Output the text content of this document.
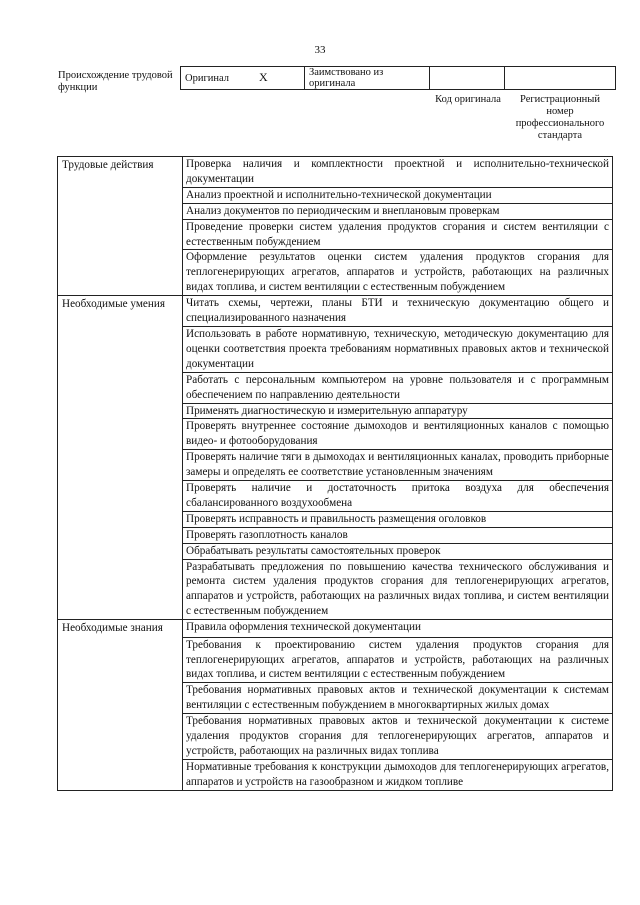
33
Происхождение трудовой функции
Оригинал	X	Заимствовано из оригинала		
Код оригинала	Регистрационный номер профессионального стандарта
Трудовые действия	Проверка наличия и комплектности проектной и исполнительно-технической документации
	Анализ проектной и исполнительно-технической документации
	Анализ документов по периодическим и внеплановым проверкам
	Проведение проверки систем удаления продуктов сгорания и систем вентиляции с естественным побуждением
	Оформление результатов оценки систем удаления продуктов сгорания для теплогенерирующих агрегатов, аппаратов и устройств, работающих на различных видах топлива, и систем вентиляции с естественным побуждением
Необходимые умения	Читать схемы, чертежи, планы БТИ и техническую документацию общего и специализированного назначения
	Использовать в работе нормативную, техническую, методическую документацию для оценки соответствия проекта требованиям нормативных правовых актов и технической документации
	Работать с персональным компьютером на уровне пользователя и с программным обеспечением по направлению деятельности
	Применять диагностическую и измерительную аппаратуру
	Проверять внутреннее состояние дымоходов и вентиляционных каналов с помощью видео- и фотооборудования
	Проверять наличие тяги в дымоходах и вентиляционных каналах, проводить приборные замеры и определять ее соответствие установленным значениям
	Проверять наличие и достаточность притока воздуха для обеспечения сбалансированного воздухообмена
	Проверять исправность и правильность размещения оголовков
	Проверять газоплотность каналов
	Обрабатывать результаты самостоятельных проверок
	Разрабатывать предложения по повышению качества технического обслуживания и ремонта систем удаления продуктов сгорания для теплогенерирующих агрегатов, аппаратов и устройств, работающих на различных видах топлива, и систем вентиляции с естественным побуждением
Необходимые знания	Правила оформления технической документации
	Требования к проектированию систем удаления продуктов сгорания для теплогенерирующих агрегатов, аппаратов и устройств, работающих на различных видах топлива, и систем вентиляции с естественным побуждением
	Требования нормативных правовых актов и технической документации к системам вентиляции с естественным побуждением в многоквартирных жилых домах
	Требования нормативных правовых актов и технической документации к системе удаления продуктов сгорания для теплогенерирующих агрегатов, аппаратов и устройств, работающих на различных видах топлива
	Нормативные требования к конструкции дымоходов для теплогенерирующих агрегатов, аппаратов и устройств на газообразном и жидком топливе
